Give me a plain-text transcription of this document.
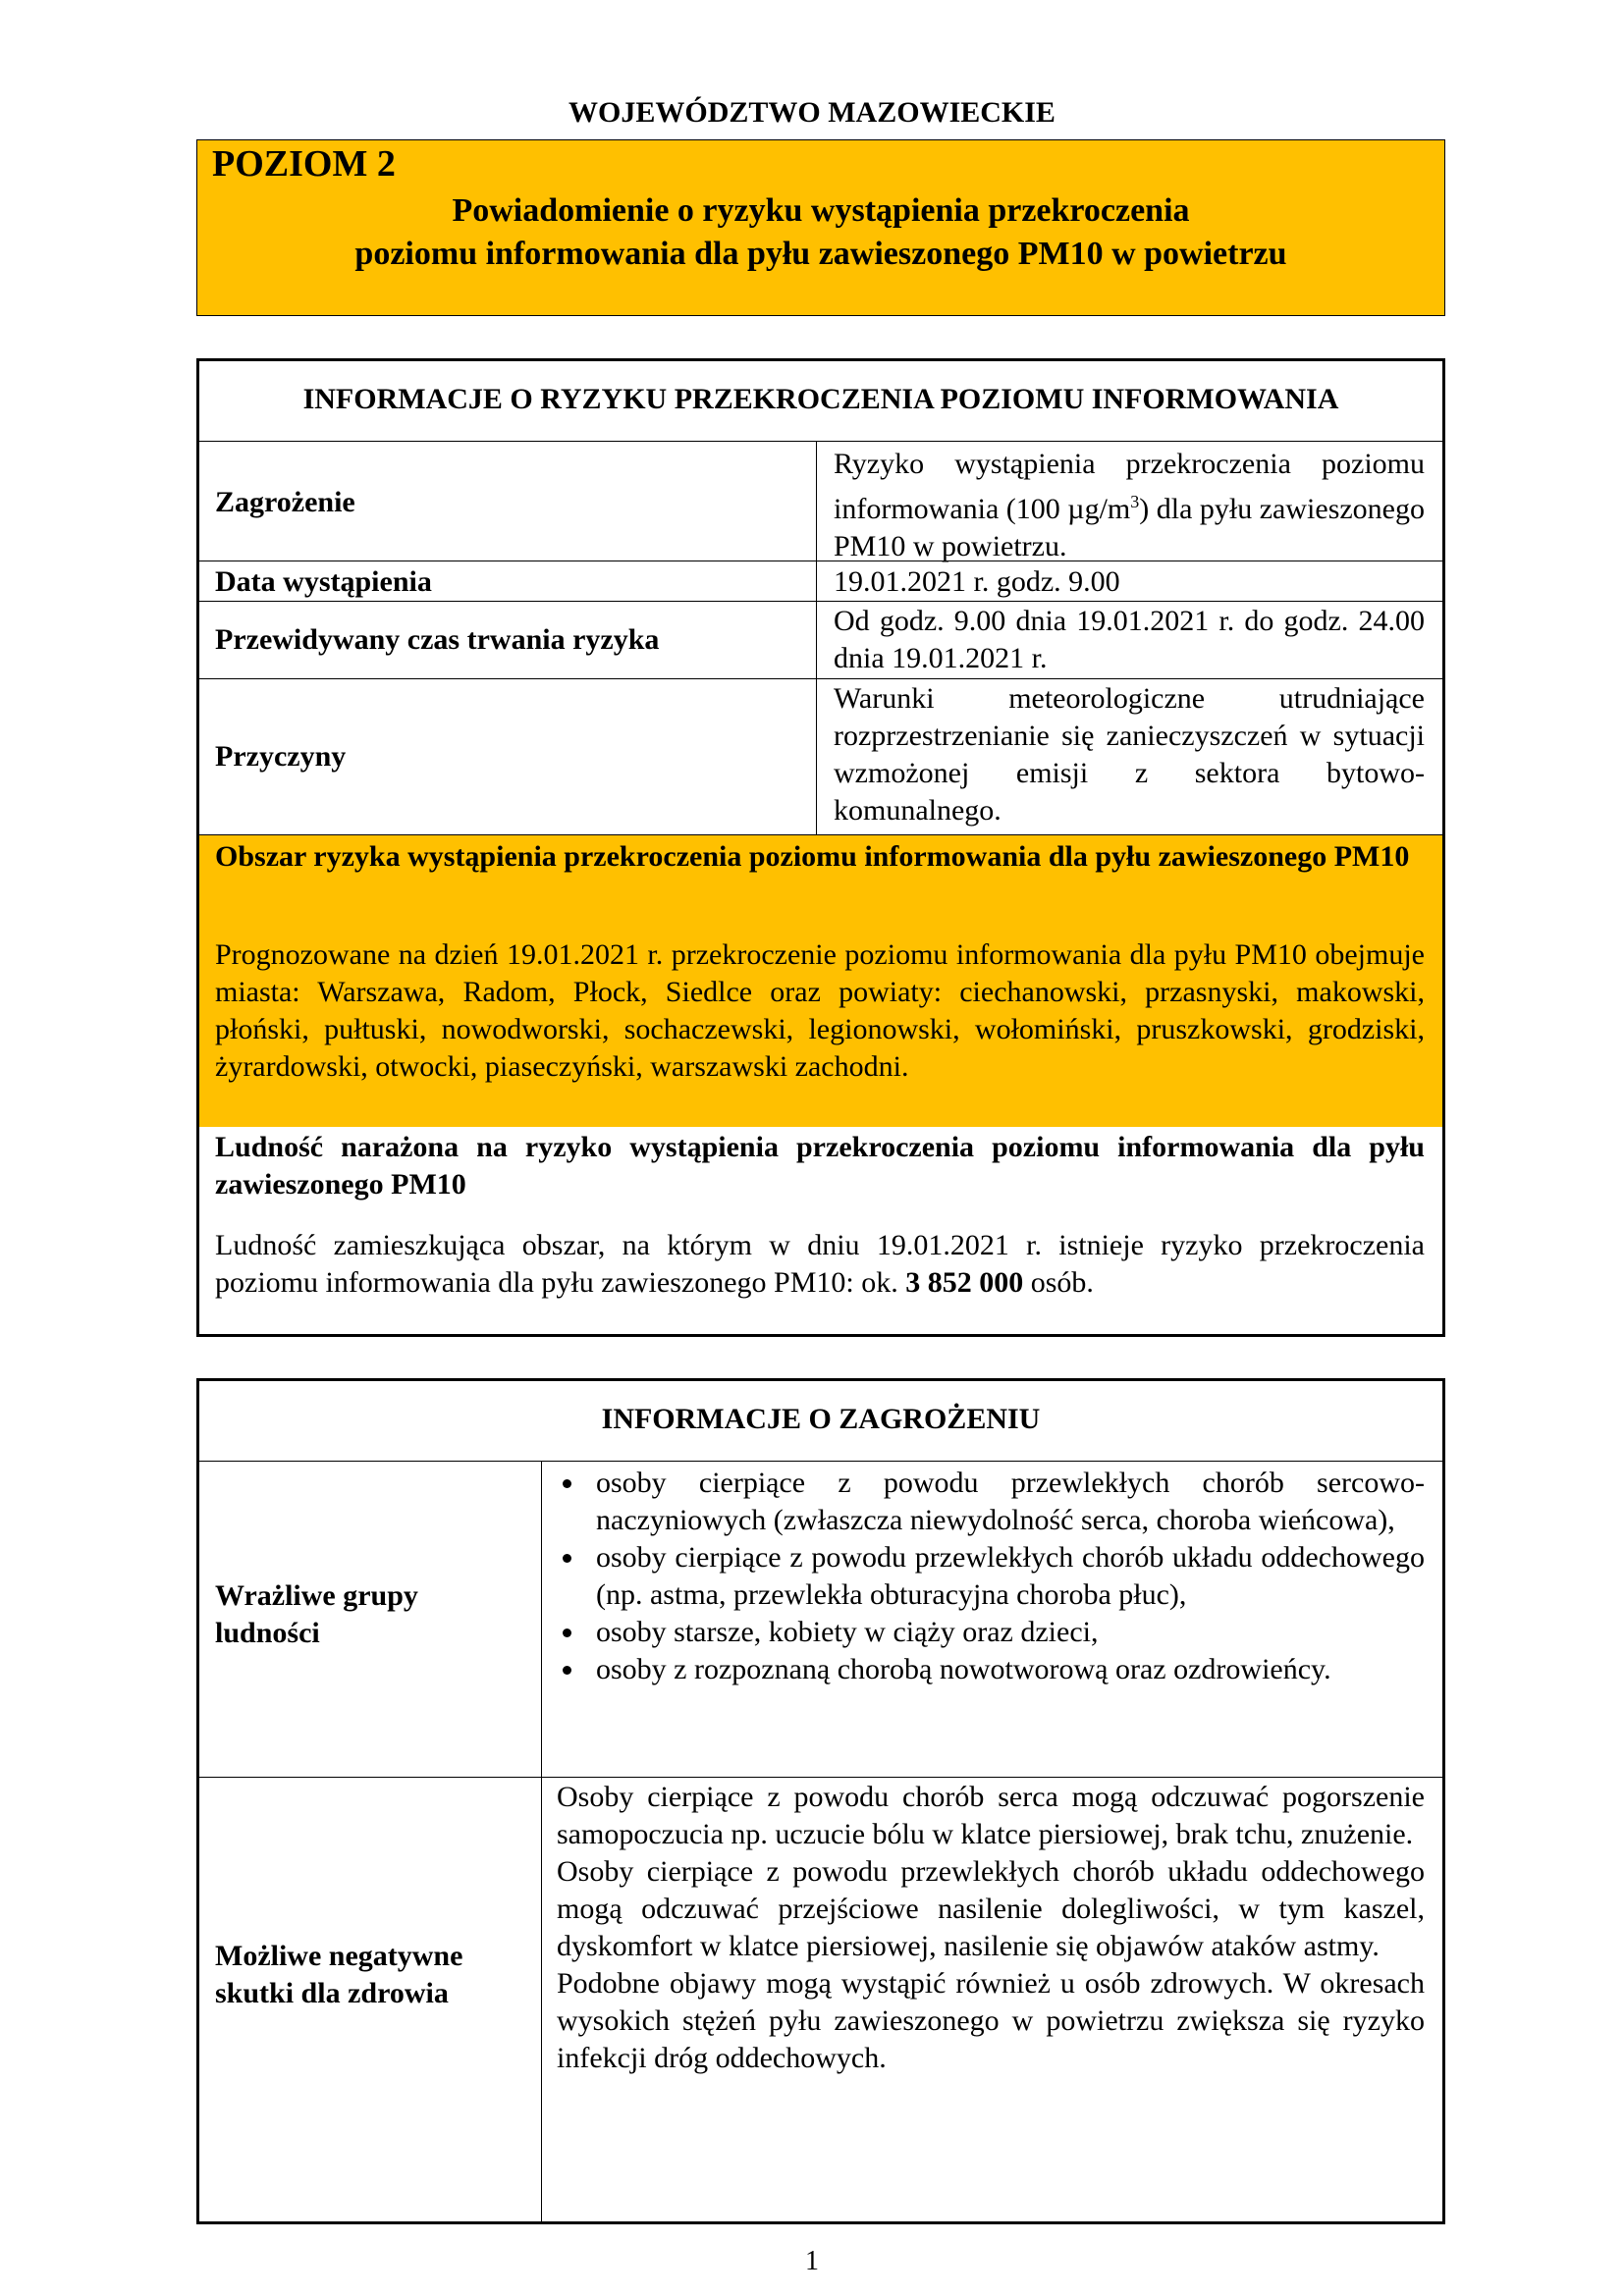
WOJEWÓDZTWO MAZOWIECKIE
POZIOM 2
Powiadomienie o ryzyku wystąpienia przekroczenia
poziomu informowania dla pyłu zawieszonego PM10 w powietrzu
INFORMACJE O RYZYKU PRZEKROCZENIA POZIOMU INFORMOWANIA
Zagrożenie
Ryzyko wystąpienia przekroczenia poziomu informowania (100 $\mu g/m^3$) dla pyłu zawieszonego PM10 w powietrzu.
Data wystąpienia	19.01.2021 r. godz. 9.00
Przewidywany czas trwania ryzyka
Od godz. 9.00 dnia 19.01.2021 r. do godz. 24.00 dnia 19.01.2021 r.
Przyczyny
Warunki meteorologiczne utrudniające rozprzestrzenianie się zanieczyszczeń w sytuacji wzmożonej emisji z sektora bytowo-komunalnego.
Obszar ryzyka wystąpienia przekroczenia poziomu informowania dla pyłu zawieszonego PM10
Prognozowane na dzień 19.01.2021 r. przekroczenie poziomu informowania dla pyłu PM10 obejmuje miasta: Warszawa, Radom, Płock, Siedlce oraz powiaty: ciechanowski, przasnyski, makowski, płoński, pułtuski, nowodworski, sochaczewski, legionowski, wołomiński, pruszkowski, grodziski, żyrardowski, otwocki, piaseczyński, warszawski zachodni.
Ludność narażona na ryzyko wystąpienia przekroczenia poziomu informowania dla pyłu zawieszonego PM10
Ludność zamieszkująca obszar, na którym w dniu 19.01.2021 r. istnieje ryzyko przekroczenia poziomu informowania dla pyłu zawieszonego PM10: ok. 3 852 000 osób.
INFORMACJE O ZAGROŻENIU
Wrażliwe grupy ludności
osoby cierpiące z powodu przewlekłych chorób sercowo-naczyniowych (zwłaszcza niewydolność serca, choroba wieńcowa),
osoby cierpiące z powodu przewlekłych chorób układu oddechowego (np. astma, przewlekła obturacyjna choroba płuc),
osoby starsze, kobiety w ciąży oraz dzieci,
osoby z rozpoznaną chorobą nowotworową oraz ozdrowieńcy.
Możliwe negatywne skutki dla zdrowia
Osoby cierpiące z powodu chorób serca mogą odczuwać pogorszenie samopoczucia np. uczucie bólu w klatce piersiowej, brak tchu, znużenie.
Osoby cierpiące z powodu przewlekłych chorób układu oddechowego mogą odczuwać przejściowe nasilenie dolegliwości, w tym kaszel, dyskomfort w klatce piersiowej, nasilenie się objawów ataków astmy.
Podobne objawy mogą wystąpić również u osób zdrowych. W okresach wysokich stężeń pyłu zawieszonego w powietrzu zwiększa się ryzyko infekcji dróg oddechowych.
1
